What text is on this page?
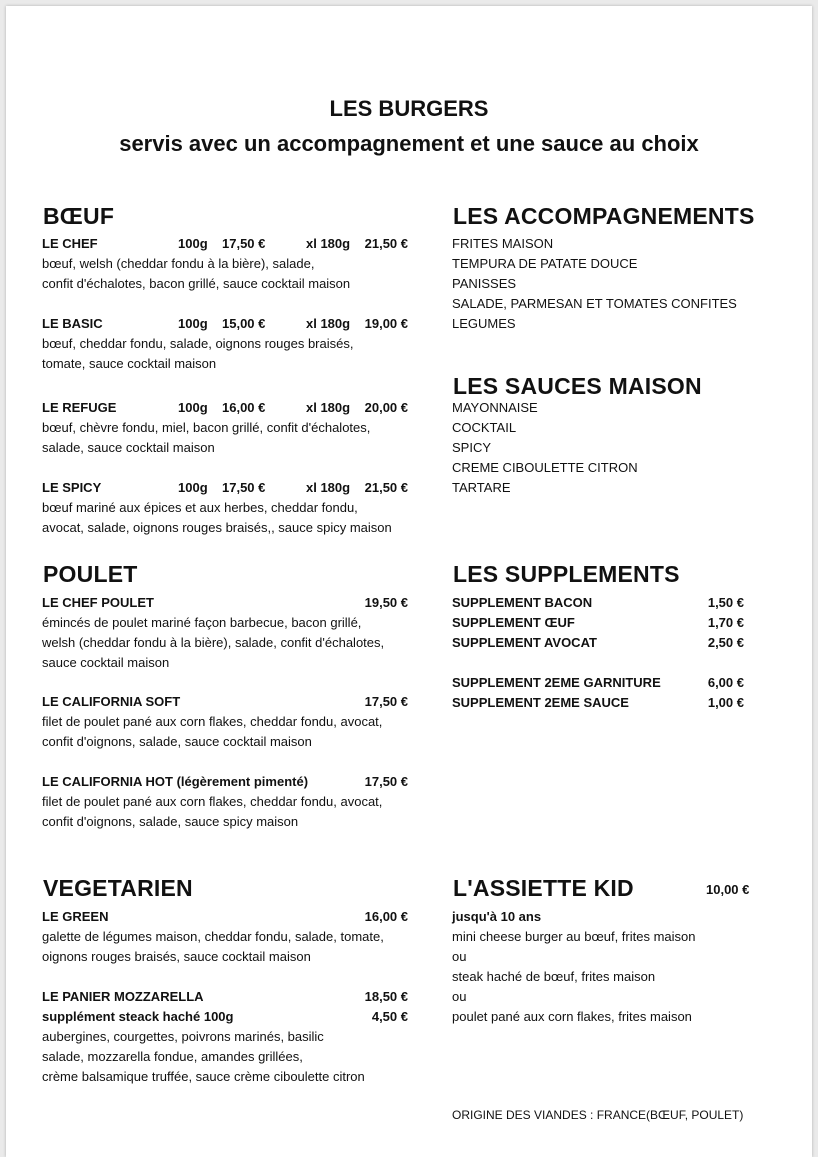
LES BURGERS
servis avec un accompagnement et une sauce au choix
BŒUF
LE CHEF	100g 17,50 €	xl 180g 21,50 €
bœuf, welsh (cheddar fondu à la bière), salade,
confit d'échalotes, bacon grillé, sauce cocktail maison
LE BASIC	100g 15,00 €	xl 180g 19,00 €
bœuf, cheddar fondu, salade, oignons rouges braisés,
tomate, sauce cocktail maison
LE REFUGE	100g 16,00 €	xl 180g 20,00 €
bœuf, chèvre fondu, miel, bacon grillé, confit d'échalotes,
salade, sauce cocktail maison
LE SPICY	100g 17,50 €	xl 180g 21,50 €
bœuf mariné aux épices et aux herbes, cheddar fondu,
avocat, salade, oignons rouges braisés,, sauce spicy maison
POULET
LE CHEF POULET	19,50 €
émincés de poulet mariné façon barbecue, bacon grillé,
welsh (cheddar fondu à la bière), salade, confit d'échalotes,
sauce cocktail maison
LE CALIFORNIA SOFT	17,50 €
filet de poulet pané aux corn flakes, cheddar fondu, avocat,
confit d'oignons, salade, sauce cocktail maison
LE CALIFORNIA HOT (légèrement pimenté)	17,50 €
filet de poulet pané aux corn flakes, cheddar fondu, avocat,
confit d'oignons, salade, sauce spicy maison
VEGETARIEN
LE GREEN	16,00 €
galette de légumes maison, cheddar fondu, salade, tomate,
oignons rouges braisés, sauce cocktail maison
LE PANIER MOZZARELLA	18,50 €
supplément steack haché 100g	4,50 €
aubergines, courgettes, poivrons marinés, basilic
salade, mozzarella fondue, amandes grillées,
crème balsamique truffée, sauce crème ciboulette citron
LES ACCOMPAGNEMENTS
FRITES MAISON
TEMPURA DE PATATE DOUCE
PANISSES
SALADE, PARMESAN ET TOMATES CONFITES
LEGUMES
LES SAUCES MAISON
MAYONNAISE
COCKTAIL
SPICY
CREME CIBOULETTE CITRON
TARTARE
LES SUPPLEMENTS
SUPPLEMENT BACON	1,50 €
SUPPLEMENT ŒUF	1,70 €
SUPPLEMENT AVOCAT	2,50 €
SUPPLEMENT 2EME GARNITURE	6,00 €
SUPPLEMENT 2EME SAUCE	1,00 €
L'ASSIETTE KID	10,00 €
jusqu'à 10 ans
mini cheese burger au bœuf, frites maison
ou
steak haché de bœuf, frites maison
ou
poulet pané aux corn flakes, frites maison
ORIGINE DES VIANDES : FRANCE(BŒUF, POULET)
